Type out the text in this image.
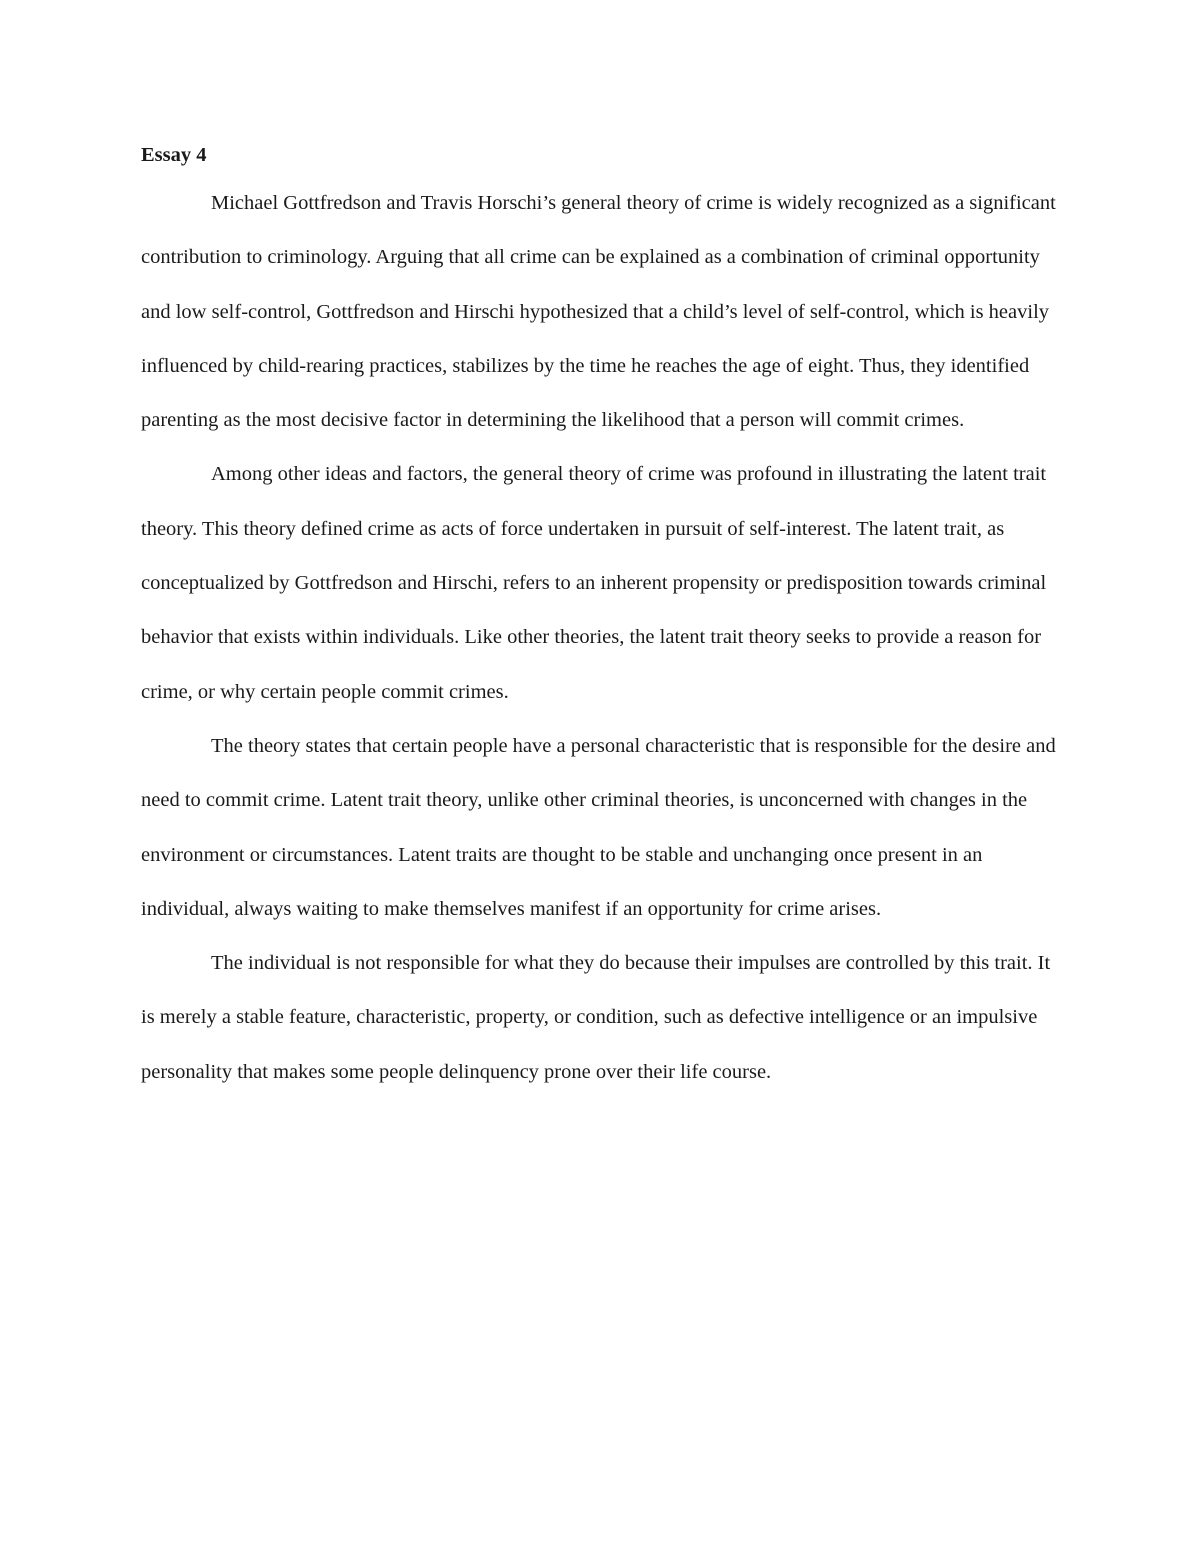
Essay 4

Michael Gottfredson and Travis Horschi’s general theory of crime is widely recognized as a significant contribution to criminology. Arguing that all crime can be explained as a combination of criminal opportunity and low self-control, Gottfredson and Hirschi hypothesized that a child’s level of self-control, which is heavily influenced by child-rearing practices, stabilizes by the time he reaches the age of eight. Thus, they identified parenting as the most decisive factor in determining the likelihood that a person will commit crimes.

Among other ideas and factors, the general theory of crime was profound in illustrating the latent trait theory. This theory defined crime as acts of force undertaken in pursuit of self-interest. The latent trait, as conceptualized by Gottfredson and Hirschi, refers to an inherent propensity or predisposition towards criminal behavior that exists within individuals. Like other theories, the latent trait theory seeks to provide a reason for crime, or why certain people commit crimes.

The theory states that certain people have a personal characteristic that is responsible for the desire and need to commit crime. Latent trait theory, unlike other criminal theories, is unconcerned with changes in the environment or circumstances. Latent traits are thought to be stable and unchanging once present in an individual, always waiting to make themselves manifest if an opportunity for crime arises.

The individual is not responsible for what they do because their impulses are controlled by this trait. It is merely a stable feature, characteristic, property, or condition, such as defective intelligence or an impulsive personality that makes some people delinquency prone over their life course.
